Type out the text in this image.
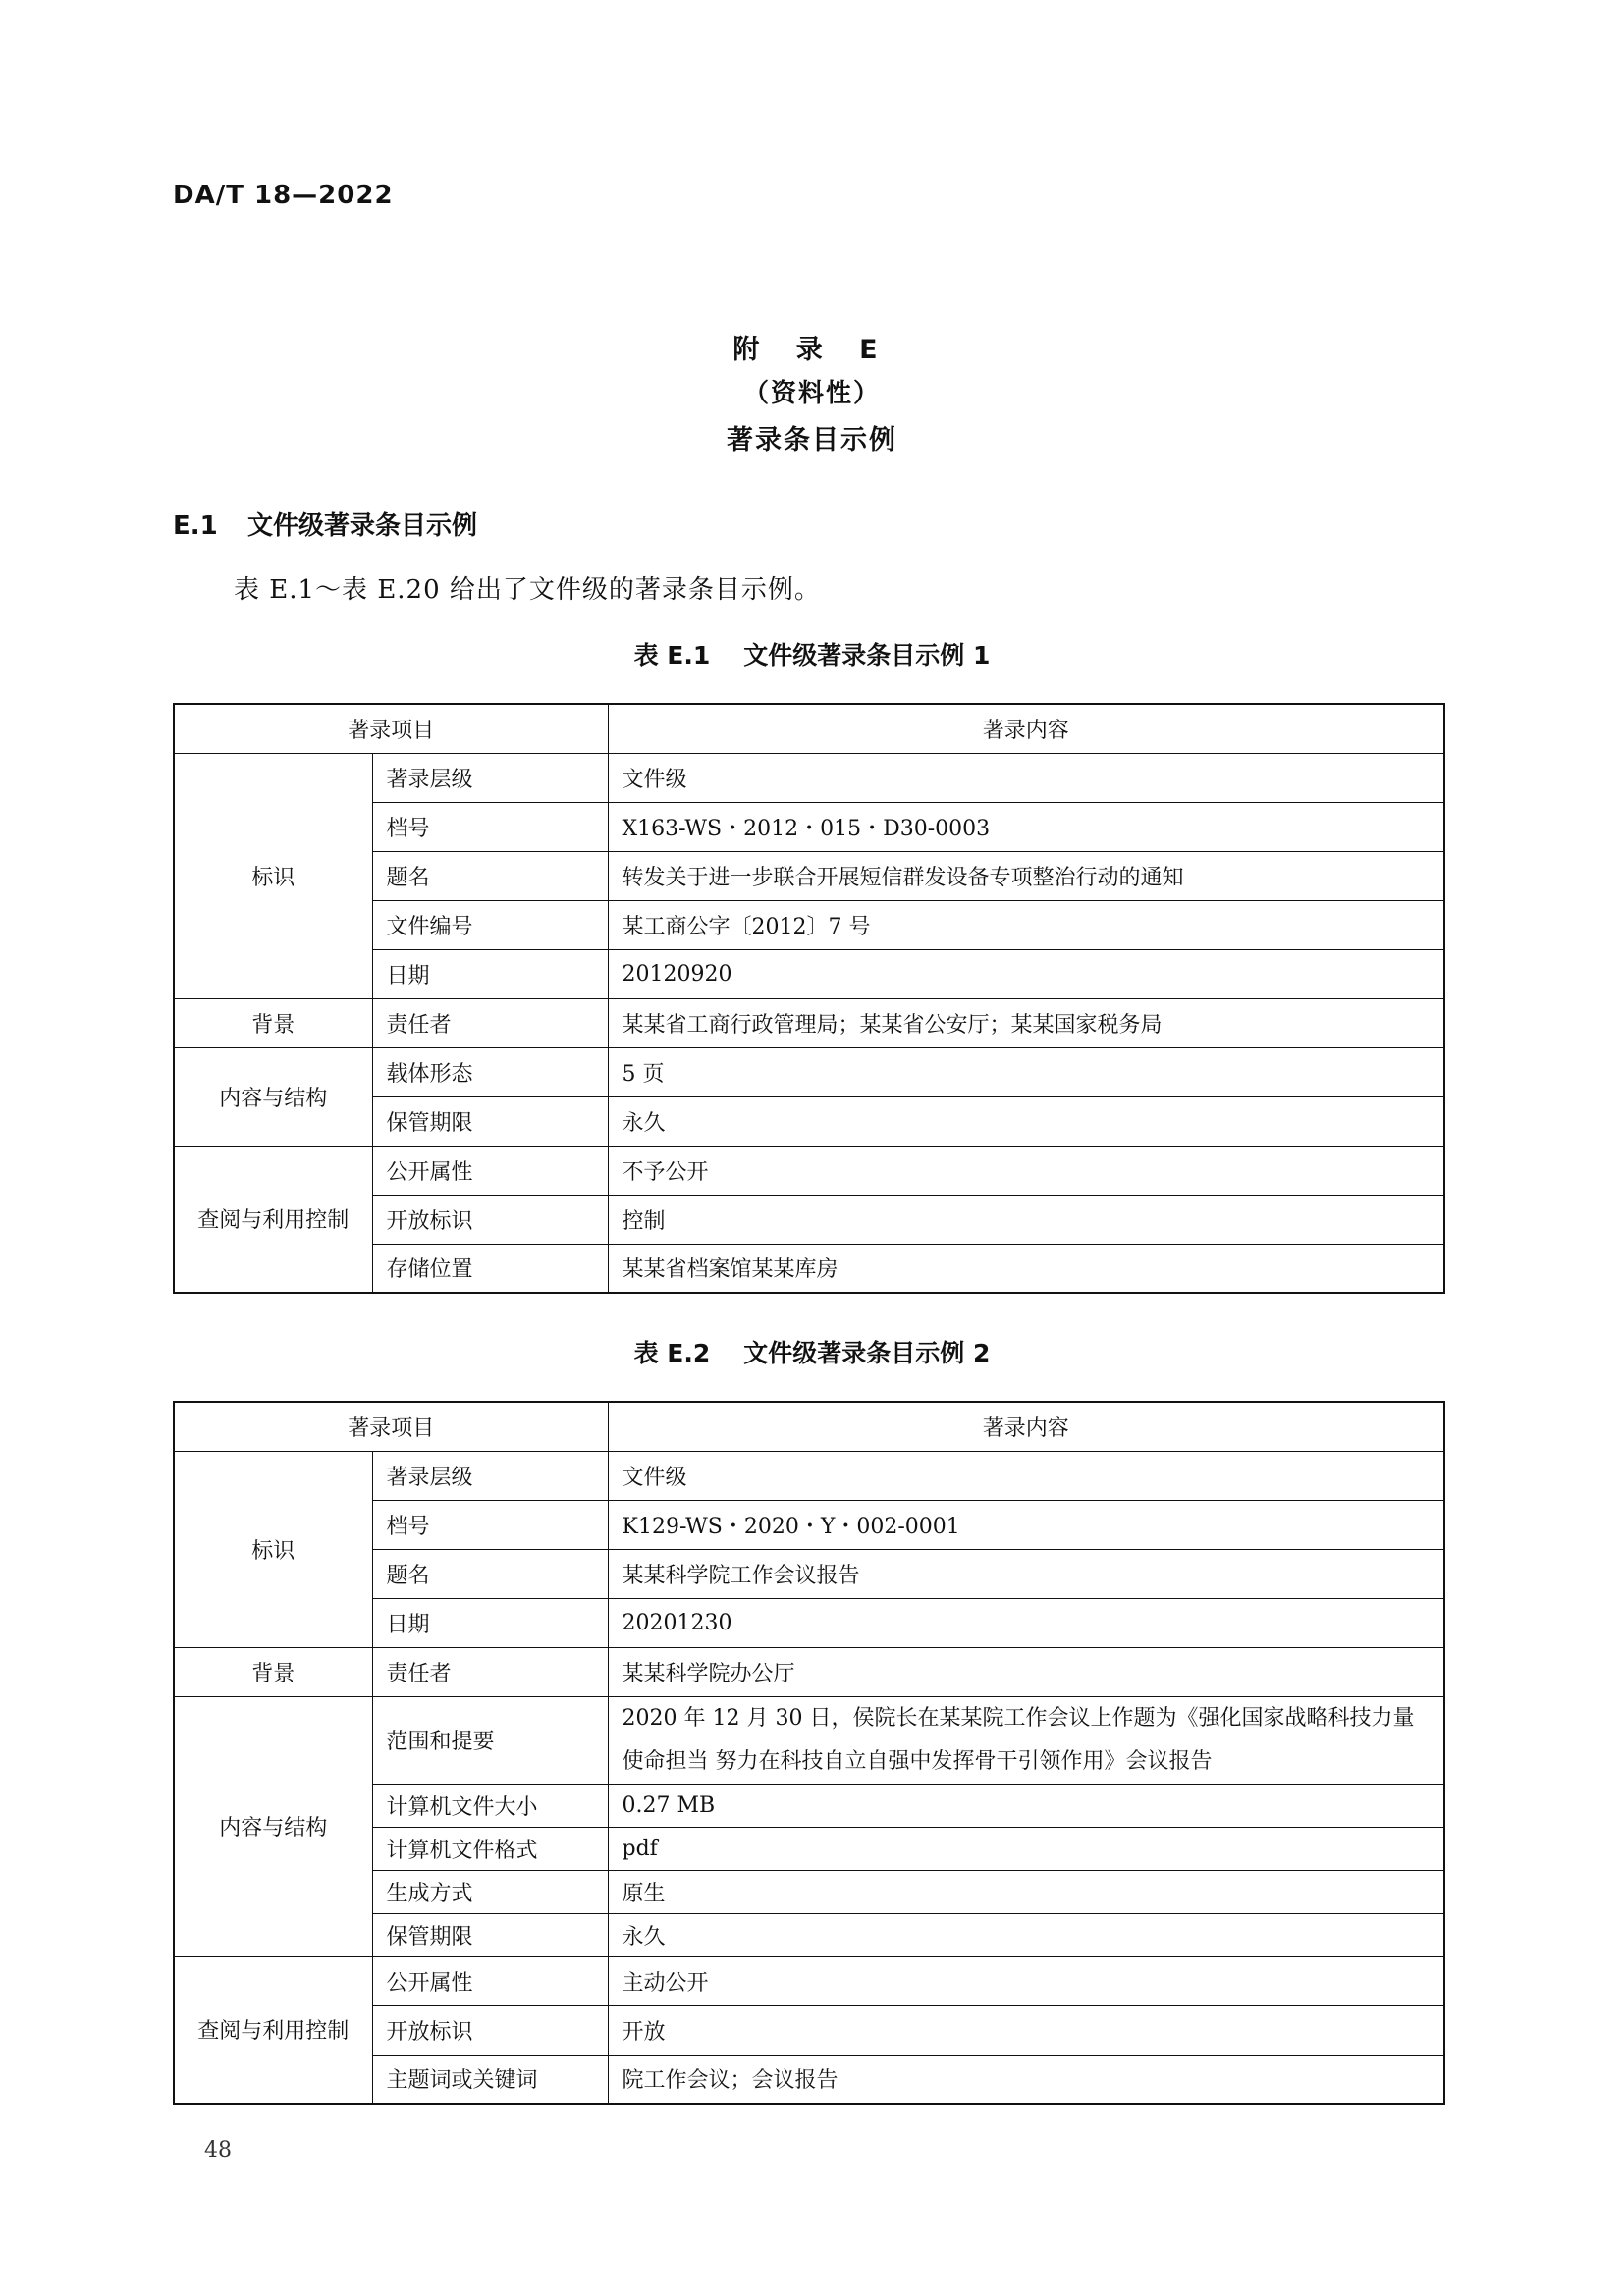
DA/T 18—2022
附 录 E
（资料性）
著录条目示例
E.1 文件级著录条目示例
表 E.1～表 E.20 给出了文件级的著录条目示例。
表 E.1 文件级著录条目示例 1
著录项目		著录内容
标识	著录层级	文件级
	档号	X163-WS・2012・015・D30-0003
	题名	转发关于进一步联合开展短信群发设备专项整治行动的通知
	文件编号	某工商公字〔2012〕7 号
	日期	20120920
背景	责任者	某某省工商行政管理局；某某省公安厅；某某国家税务局
内容与结构	载体形态	5 页
	保管期限	永久
查阅与利用控制	公开属性	不予公开
	开放标识	控制
	存储位置	某某省档案馆某某库房
表 E.2 文件级著录条目示例 2
著录项目		著录内容
标识	著录层级	文件级
	档号	K129-WS・2020・Y・002-0001
	题名	某某科学院工作会议报告
	日期	20201230
背景	责任者	某某科学院办公厅
内容与结构	范围和提要	2020 年 12 月 30 日，侯院长在某某院工作会议上作题为《强化国家战略科技力量使命担当 努力在科技自立自强中发挥骨干引领作用》会议报告
	计算机文件大小	0.27 MB
	计算机文件格式	pdf
	生成方式	原生
	保管期限	永久
查阅与利用控制	公开属性	主动公开
	开放标识	开放
	主题词或关键词	院工作会议；会议报告
48
